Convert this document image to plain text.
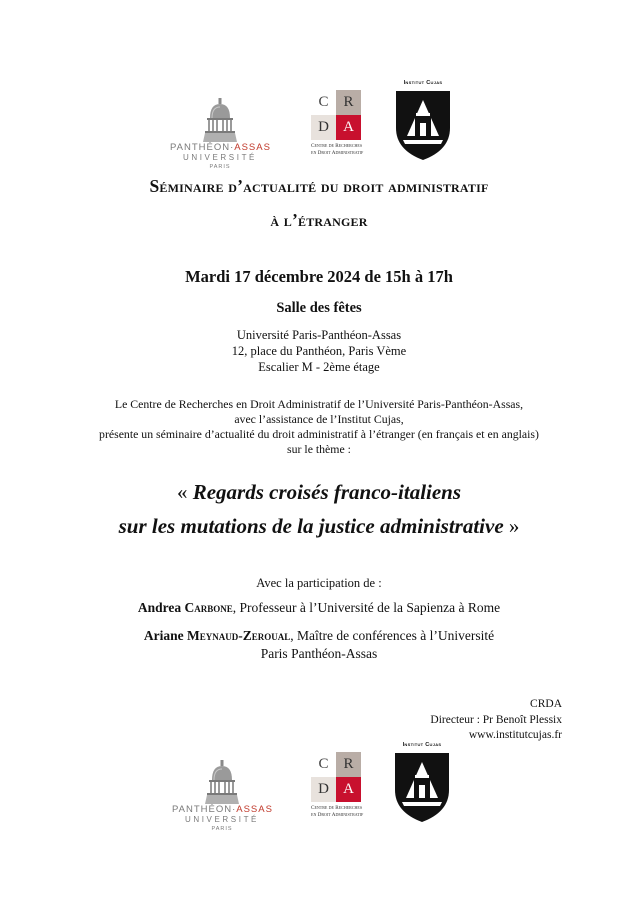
PANTHÉON·ASSAS
UNIVERSITÉ
PARIS
C R
D A
Centre de Recherches
en Droit Administratif
Institut Cujas
Séminaire d’actualité du droit administratif
à l’étranger
Mardi 17 décembre 2024 de 15h à 17h
Salle des fêtes
Université Paris-Panthéon-Assas
12, place du Panthéon, Paris Vème
Escalier M - 2ème étage
Le Centre de Recherches en Droit Administratif de l’Université Paris-Panthéon-Assas,
avec l’assistance de l’Institut Cujas,
présente un séminaire d’actualité du droit administratif à l’étranger (en français et en anglais)
sur le thème :
« Regards croisés franco-italiens
sur les mutations de la justice administrative »
Avec la participation de :
Andrea Carbone, Professeur à l’Université de la Sapienza à Rome
Ariane Meynaud-Zeroual, Maître de conférences à l’Université
Paris Panthéon-Assas
CRDA
Directeur : Pr Benoît Plessix
www.institutcujas.fr
PANTHÉON·ASSAS
UNIVERSITÉ
PARIS
C R
D A
Centre de Recherches
en Droit Administratif
Institut Cujas
